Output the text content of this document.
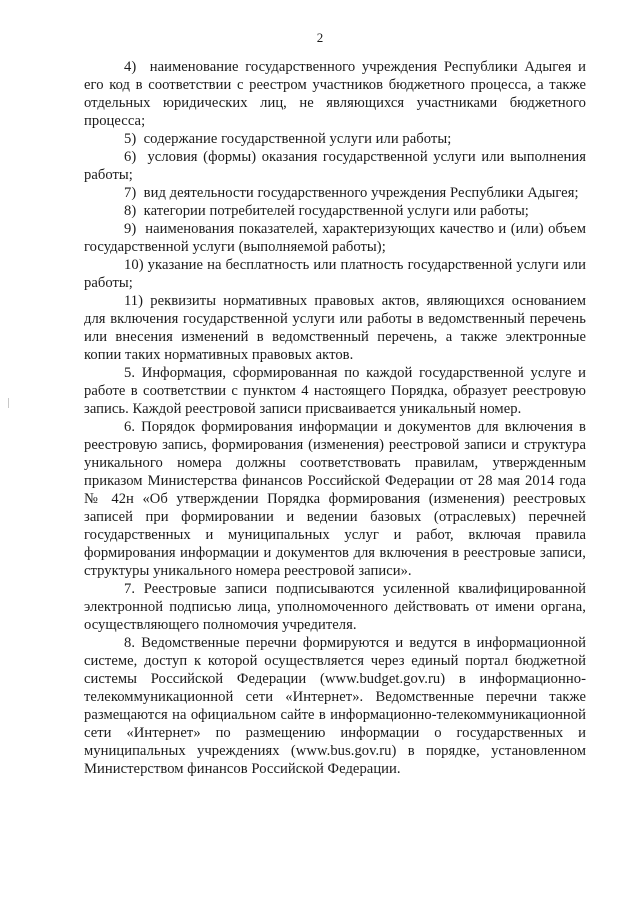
2

4)  наименование государственного учреждения Республики Адыгея и его код в соответствии с реестром участников бюджетного процесса, а также отдельных юридических лиц, не являющихся участниками бюджетного процесса;

5)  содержание государственной услуги или работы;

6)  условия (формы) оказания государственной услуги или выполнения работы;

7)  вид деятельности государственного учреждения Республики Адыгея;

8)  категории потребителей государственной услуги или работы;

9)  наименования показателей, характеризующих качество и (или) объем государственной услуги (выполняемой работы);

10) указание на бесплатность или платность государственной услуги или работы;

11) реквизиты нормативных правовых актов, являющихся основанием для включения государственной услуги или работы в ведомственный перечень или внесения изменений в ведомственный перечень, а также электронные копии таких нормативных правовых актов.

5. Информация, сформированная по каждой государственной услуге и работе в соответствии с пунктом 4 настоящего Порядка, образует реестровую запись. Каждой реестровой записи присваивается уникальный номер.

6. Порядок формирования информации и документов для включения в реестровую запись, формирования (изменения) реестровой записи и структура уникального номера должны соответствовать правилам, утвержденным приказом Министерства финансов Российской Федерации от 28 мая 2014 года № 42н «Об утверждении Порядка формирования (изменения) реестровых записей при формировании и ведении базовых (отраслевых) перечней государственных и муниципальных услуг и работ, включая правила формирования информации и документов для включения в реестровые записи, структуры уникального номера реестровой записи».

7. Реестровые записи подписываются усиленной квалифицированной электронной подписью лица, уполномоченного действовать от имени органа, осуществляющего полномочия учредителя.

8. Ведомственные перечни формируются и ведутся в информационной системе, доступ к которой осуществляется через единый портал бюджетной системы Российской Федерации (www.budget.gov.ru) в информационно-телекоммуникационной сети «Интернет». Ведомственные перечни также размещаются на официальном сайте в информационно-телекоммуникационной сети «Интернет» по размещению информации о государственных и муниципальных учреждениях (www.bus.gov.ru) в порядке, установленном Министерством финансов Российской Федерации.
